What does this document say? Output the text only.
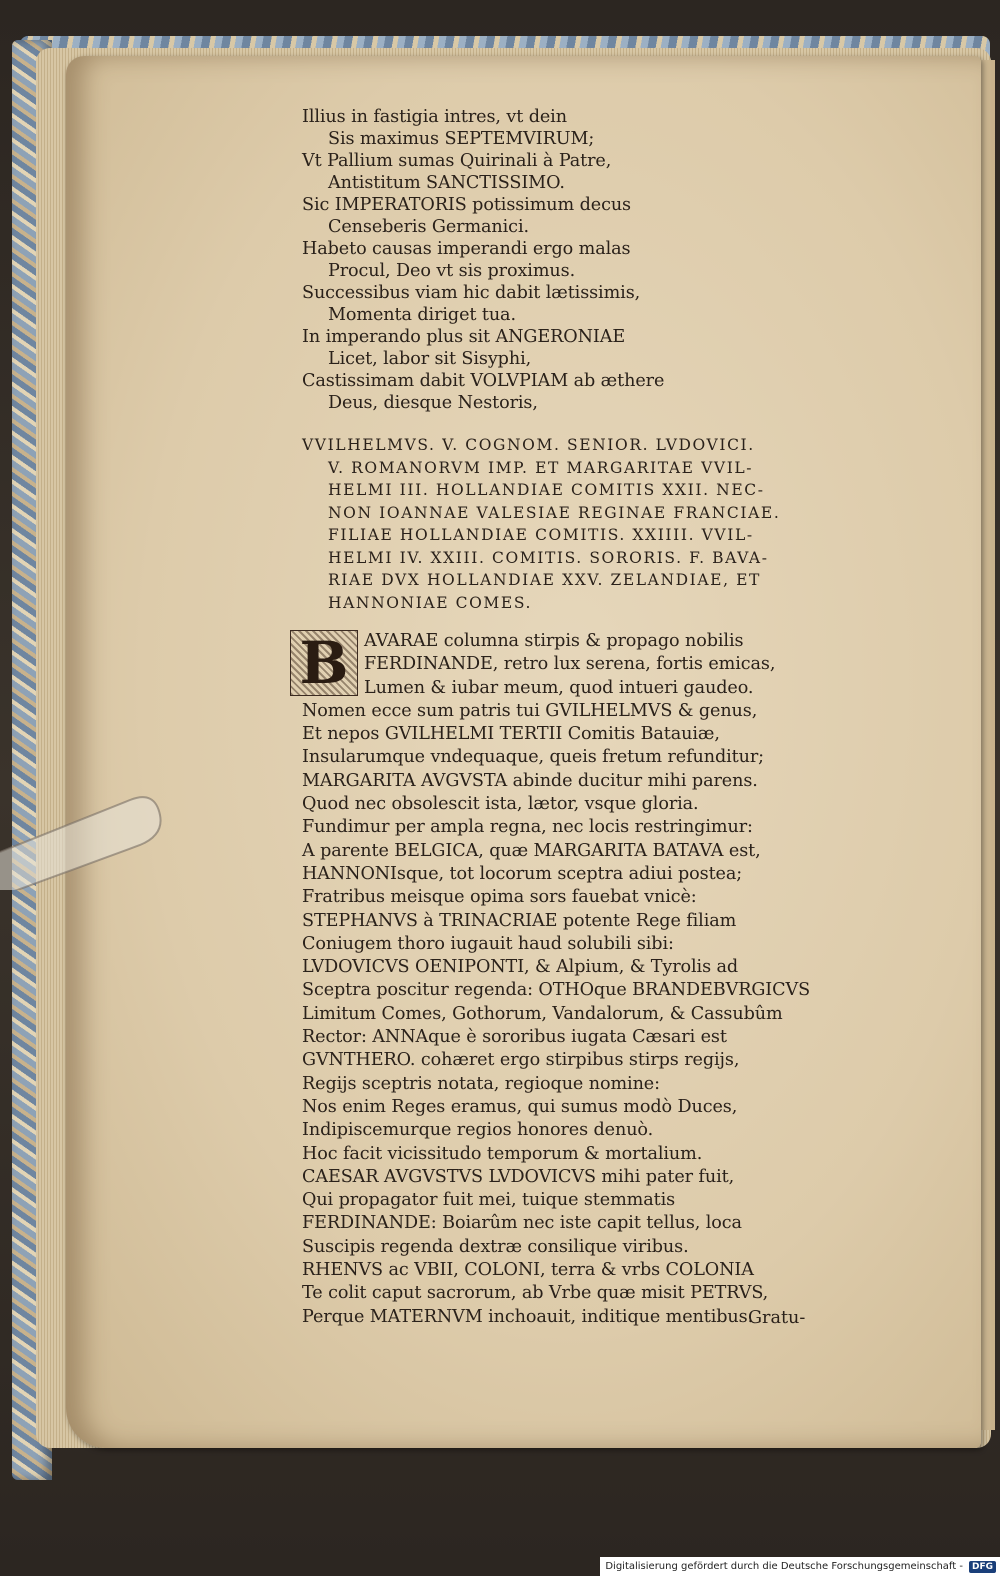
Illius in fastigia intres, vt dein
Sis maximus SEPTEMVIRUM;
Vt Pallium sumas Quirinali à Patre,
Antistitum SANCTISSIMO.
Sic IMPERATORIS potissimum decus
Censeberis Germanici.
Habeto causas imperandi ergo malas
Procul, Deo vt sis proximus.
Successibus viam hic dabit lætissimis,
Momenta diriget tua.
In imperando plus sit ANGERONIAE
Licet, labor sit Sisyphi,
Castissimam dabit VOLVPIAM ab æthere
Deus, diesque Nestoris,
VVILHELMVS. V. COGNOM. SENIOR. LVDOVICI.
V. ROMANORVM IMP. ET MARGARITAE VVIL-
HELMI III. HOLLANDIAE COMITIS XXII. NEC-
NON IOANNAE VALESIAE REGINAE FRANCIAE.
FILIAE HOLLANDIAE COMITIS. XXIIII. VVIL-
HELMI IV. XXIII. COMITIS. SORORIS. F. BAVA-
RIAE DVX HOLLANDIAE XXV. ZELANDIAE, ET
HANNONIAE COMES.
B AVARAE columna stirpis & propago nobilis
FERDINANDE, retro lux serena, fortis emicas,
Lumen & iubar meum, quod intueri gaudeo.
Nomen ecce sum patris tui GVILHELMVS & genus,
Et nepos GVILHELMI TERTII Comitis Batauiæ,
Insularumque vndequaque, queis fretum refunditur;
MARGARITA AVGVSTA abinde ducitur mihi parens.
Quod nec obsolescit ista, lætor, vsque gloria.
Fundimur per ampla regna, nec locis restringimur:
A parente BELGICA, quæ MARGARITA BATAVA est,
HANNONIsque, tot locorum sceptra adiui postea;
Fratribus meisque opima sors fauebat vnicè:
STEPHANVS à TRINACRIAE potente Rege filiam
Coniugem thoro iugauit haud solubili sibi:
LVDOVICVS OENIPONTI, & Alpium, & Tyrolis ad
Sceptra poscitur regenda: OTHOque BRANDEBVRGICVS
Limitum Comes, Gothorum, Vandalorum, & Cassubûm
Rector: ANNAque è sororibus iugata Cæsari est
GVNTHERO. cohæret ergo stirpibus stirps regijs,
Regijs sceptris notata, regioque nomine:
Nos enim Reges eramus, qui sumus modò Duces,
Indipiscemurque regios honores denuò.
Hoc facit vicissitudo temporum & mortalium.
CAESAR AVGVSTVS LVDOVICVS mihi pater fuit,
Qui propagator fuit mei, tuique stemmatis
FERDINANDE: Boiarûm nec iste capit tellus, loca
Suscipis regenda dextræ consilique viribus.
RHENVS ac VBII, COLONI, terra & vrbs COLONIA
Te colit caput sacrorum, ab Vrbe quæ misit PETRVS,
Perque MATERNVM inchoauit, inditique mentibus.
Gratu-
Digitalisierung gefördert durch die Deutsche Forschungsgemeinschaft -	DFG
